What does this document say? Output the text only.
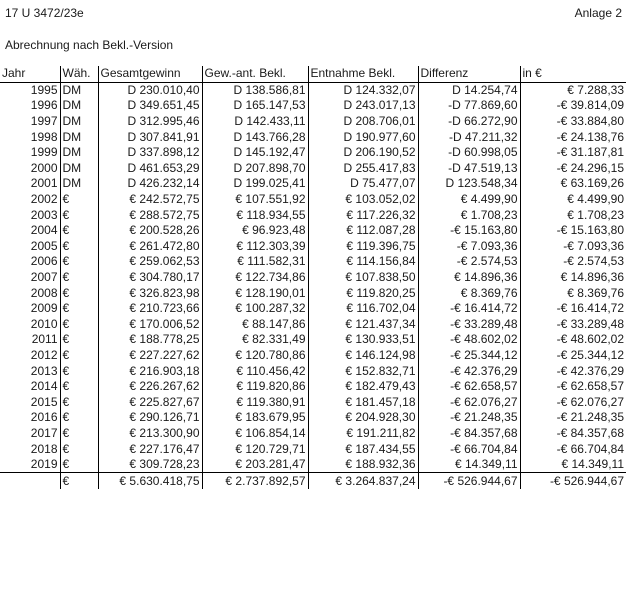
17 U 3472/23e	Anlage 2
Abrechnung nach Bekl.-Version
Jahr	Wäh.	Gesamtgewinn	Gew.-ant. Bekl.	Entnahme Bekl.	Differenz	in €
1995	DM	D 230.010,40	D 138.586,81	D 124.332,07	D 14.254,74	€ 7.288,33
1996	DM	D 349.651,45	D 165.147,53	D 243.017,13	-D 77.869,60	-€ 39.814,09
1997	DM	D 312.995,46	D 142.433,11	D 208.706,01	-D 66.272,90	-€ 33.884,80
1998	DM	D 307.841,91	D 143.766,28	D 190.977,60	-D 47.211,32	-€ 24.138,76
1999	DM	D 337.898,12	D 145.192,47	D 206.190,52	-D 60.998,05	-€ 31.187,81
2000	DM	D 461.653,29	D 207.898,70	D 255.417,83	-D 47.519,13	-€ 24.296,15
2001	DM	D 426.232,14	D 199.025,41	D 75.477,07	D 123.548,34	€ 63.169,26
2002	€	€ 242.572,75	€ 107.551,92	€ 103.052,02	€ 4.499,90	€ 4.499,90
2003	€	€ 288.572,75	€ 118.934,55	€ 117.226,32	€ 1.708,23	€ 1.708,23
2004	€	€ 200.528,26	€ 96.923,48	€ 112.087,28	-€ 15.163,80	-€ 15.163,80
2005	€	€ 261.472,80	€ 112.303,39	€ 119.396,75	-€ 7.093,36	-€ 7.093,36
2006	€	€ 259.062,53	€ 111.582,31	€ 114.156,84	-€ 2.574,53	-€ 2.574,53
2007	€	€ 304.780,17	€ 122.734,86	€ 107.838,50	€ 14.896,36	€ 14.896,36
2008	€	€ 326.823,98	€ 128.190,01	€ 119.820,25	€ 8.369,76	€ 8.369,76
2009	€	€ 210.723,66	€ 100.287,32	€ 116.702,04	-€ 16.414,72	-€ 16.414,72
2010	€	€ 170.006,52	€ 88.147,86	€ 121.437,34	-€ 33.289,48	-€ 33.289,48
2011	€	€ 188.778,25	€ 82.331,49	€ 130.933,51	-€ 48.602,02	-€ 48.602,02
2012	€	€ 227.227,62	€ 120.780,86	€ 146.124,98	-€ 25.344,12	-€ 25.344,12
2013	€	€ 216.903,18	€ 110.456,42	€ 152.832,71	-€ 42.376,29	-€ 42.376,29
2014	€	€ 226.267,62	€ 119.820,86	€ 182.479,43	-€ 62.658,57	-€ 62.658,57
2015	€	€ 225.827,67	€ 119.380,91	€ 181.457,18	-€ 62.076,27	-€ 62.076,27
2016	€	€ 290.126,71	€ 183.679,95	€ 204.928,30	-€ 21.248,35	-€ 21.248,35
2017	€	€ 213.300,90	€ 106.854,14	€ 191.211,82	-€ 84.357,68	-€ 84.357,68
2018	€	€ 227.176,47	€ 120.729,71	€ 187.434,55	-€ 66.704,84	-€ 66.704,84
2019	€	€ 309.728,23	€ 203.281,47	€ 188.932,36	€ 14.349,11	€ 14.349,11
	€	€ 5.630.418,75	€ 2.737.892,57	€ 3.264.837,24	-€ 526.944,67	-€ 526.944,67
